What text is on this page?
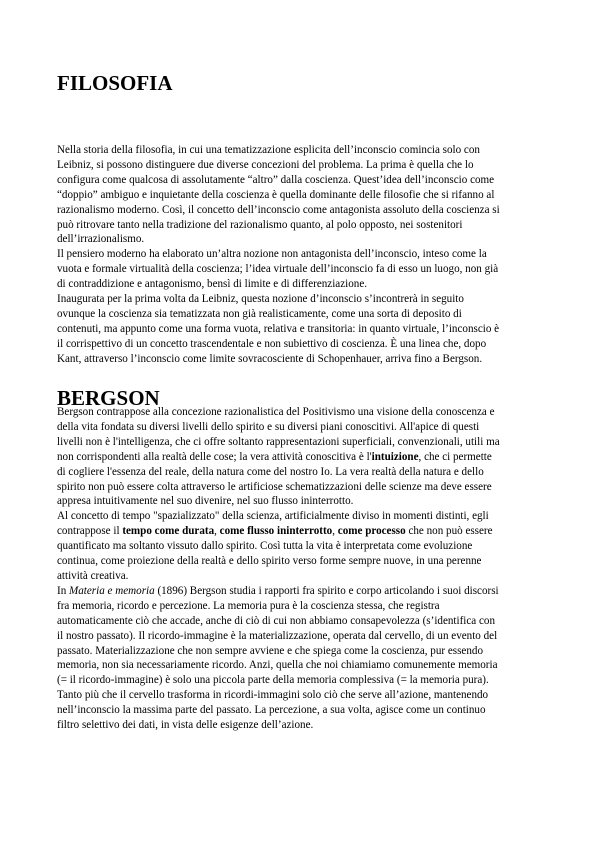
FILOSOFIA

Nella storia della filosofia, in cui una tematizzazione esplicita dell’inconscio comincia solo con
Leibniz, si possono distinguere due diverse concezioni del problema. La prima è quella che lo
configura come qualcosa di assolutamente “altro” dalla coscienza. Quest’idea dell’inconscio come
“doppio” ambiguo e inquietante della coscienza è quella dominante delle filosofie che si rifanno al
razionalismo moderno. Così, il concetto dell’inconscio come antagonista assoluto della coscienza si
può ritrovare tanto nella tradizione del razionalismo quanto, al polo opposto, nei sostenitori
dell’irrazionalismo.

Il pensiero moderno ha elaborato un’altra nozione non antagonista dell’inconscio, inteso come la
vuota e formale virtualità della coscienza; l’idea virtuale dell’inconscio fa di esso un luogo, non già
di contraddizione e antagonismo, bensì di limite e di differenziazione.

Inaugurata per la prima volta da Leibniz, questa nozione d’inconscio s’incontrerà in seguito
ovunque la coscienza sia tematizzata non già realisticamente, come una sorta di deposito di
contenuti, ma appunto come una forma vuota, relativa e transitoria: in quanto virtuale, l’inconscio è
il corrispettivo di un concetto trascendentale e non subiettivo di coscienza. È una linea che, dopo
Kant, attraverso l’inconscio come limite sovracosciente di Schopenhauer, arriva fino a Bergson.

BERGSON

Bergson contrappose alla concezione razionalistica del Positivismo una visione della conoscenza e
della vita fondata su diversi livelli dello spirito e su diversi piani conoscitivi. All'apice di questi
livelli non è l'intelligenza, che ci offre soltanto rappresentazioni superficiali, convenzionali, utili ma
non corrispondenti alla realtà delle cose; la vera attività conoscitiva è l'intuizione, che ci permette
di cogliere l'essenza del reale, della natura come del nostro Io. La vera realtà della natura e dello
spirito non può essere colta attraverso le artificiose schematizzazioni delle scienze ma deve essere
appresa intuitivamente nel suo divenire, nel suo flusso ininterrotto.

Al concetto di tempo "spazializzato" della scienza, artificialmente diviso in momenti distinti, egli
contrappose il tempo come durata, come flusso ininterrotto, come processo che non può essere
quantificato ma soltanto vissuto dallo spirito. Così tutta la vita è interpretata come evoluzione
continua, come proiezione della realtà e dello spirito verso forme sempre nuove, in una perenne
attività creativa.

In Materia e memoria (1896) Bergson studia i rapporti fra spirito e corpo articolando i suoi discorsi
fra memoria, ricordo e percezione. La memoria pura è la coscienza stessa, che registra
automaticamente ciò che accade, anche di ciò di cui non abbiamo consapevolezza (s’identifica con
il nostro passato). Il ricordo-immagine è la materializzazione, operata dal cervello, di un evento del
passato. Materializzazione che non sempre avviene e che spiega come la coscienza, pur essendo
memoria, non sia necessariamente ricordo. Anzi, quella che noi chiamiamo comunemente memoria
(= il ricordo-immagine) è solo una piccola parte della memoria complessiva (= la memoria pura).
Tanto più che il cervello trasforma in ricordi-immagini solo ciò che serve all’azione, mantenendo
nell’inconscio la massima parte del passato. La percezione, a sua volta, agisce come un continuo
filtro selettivo dei dati, in vista delle esigenze dell’azione.
